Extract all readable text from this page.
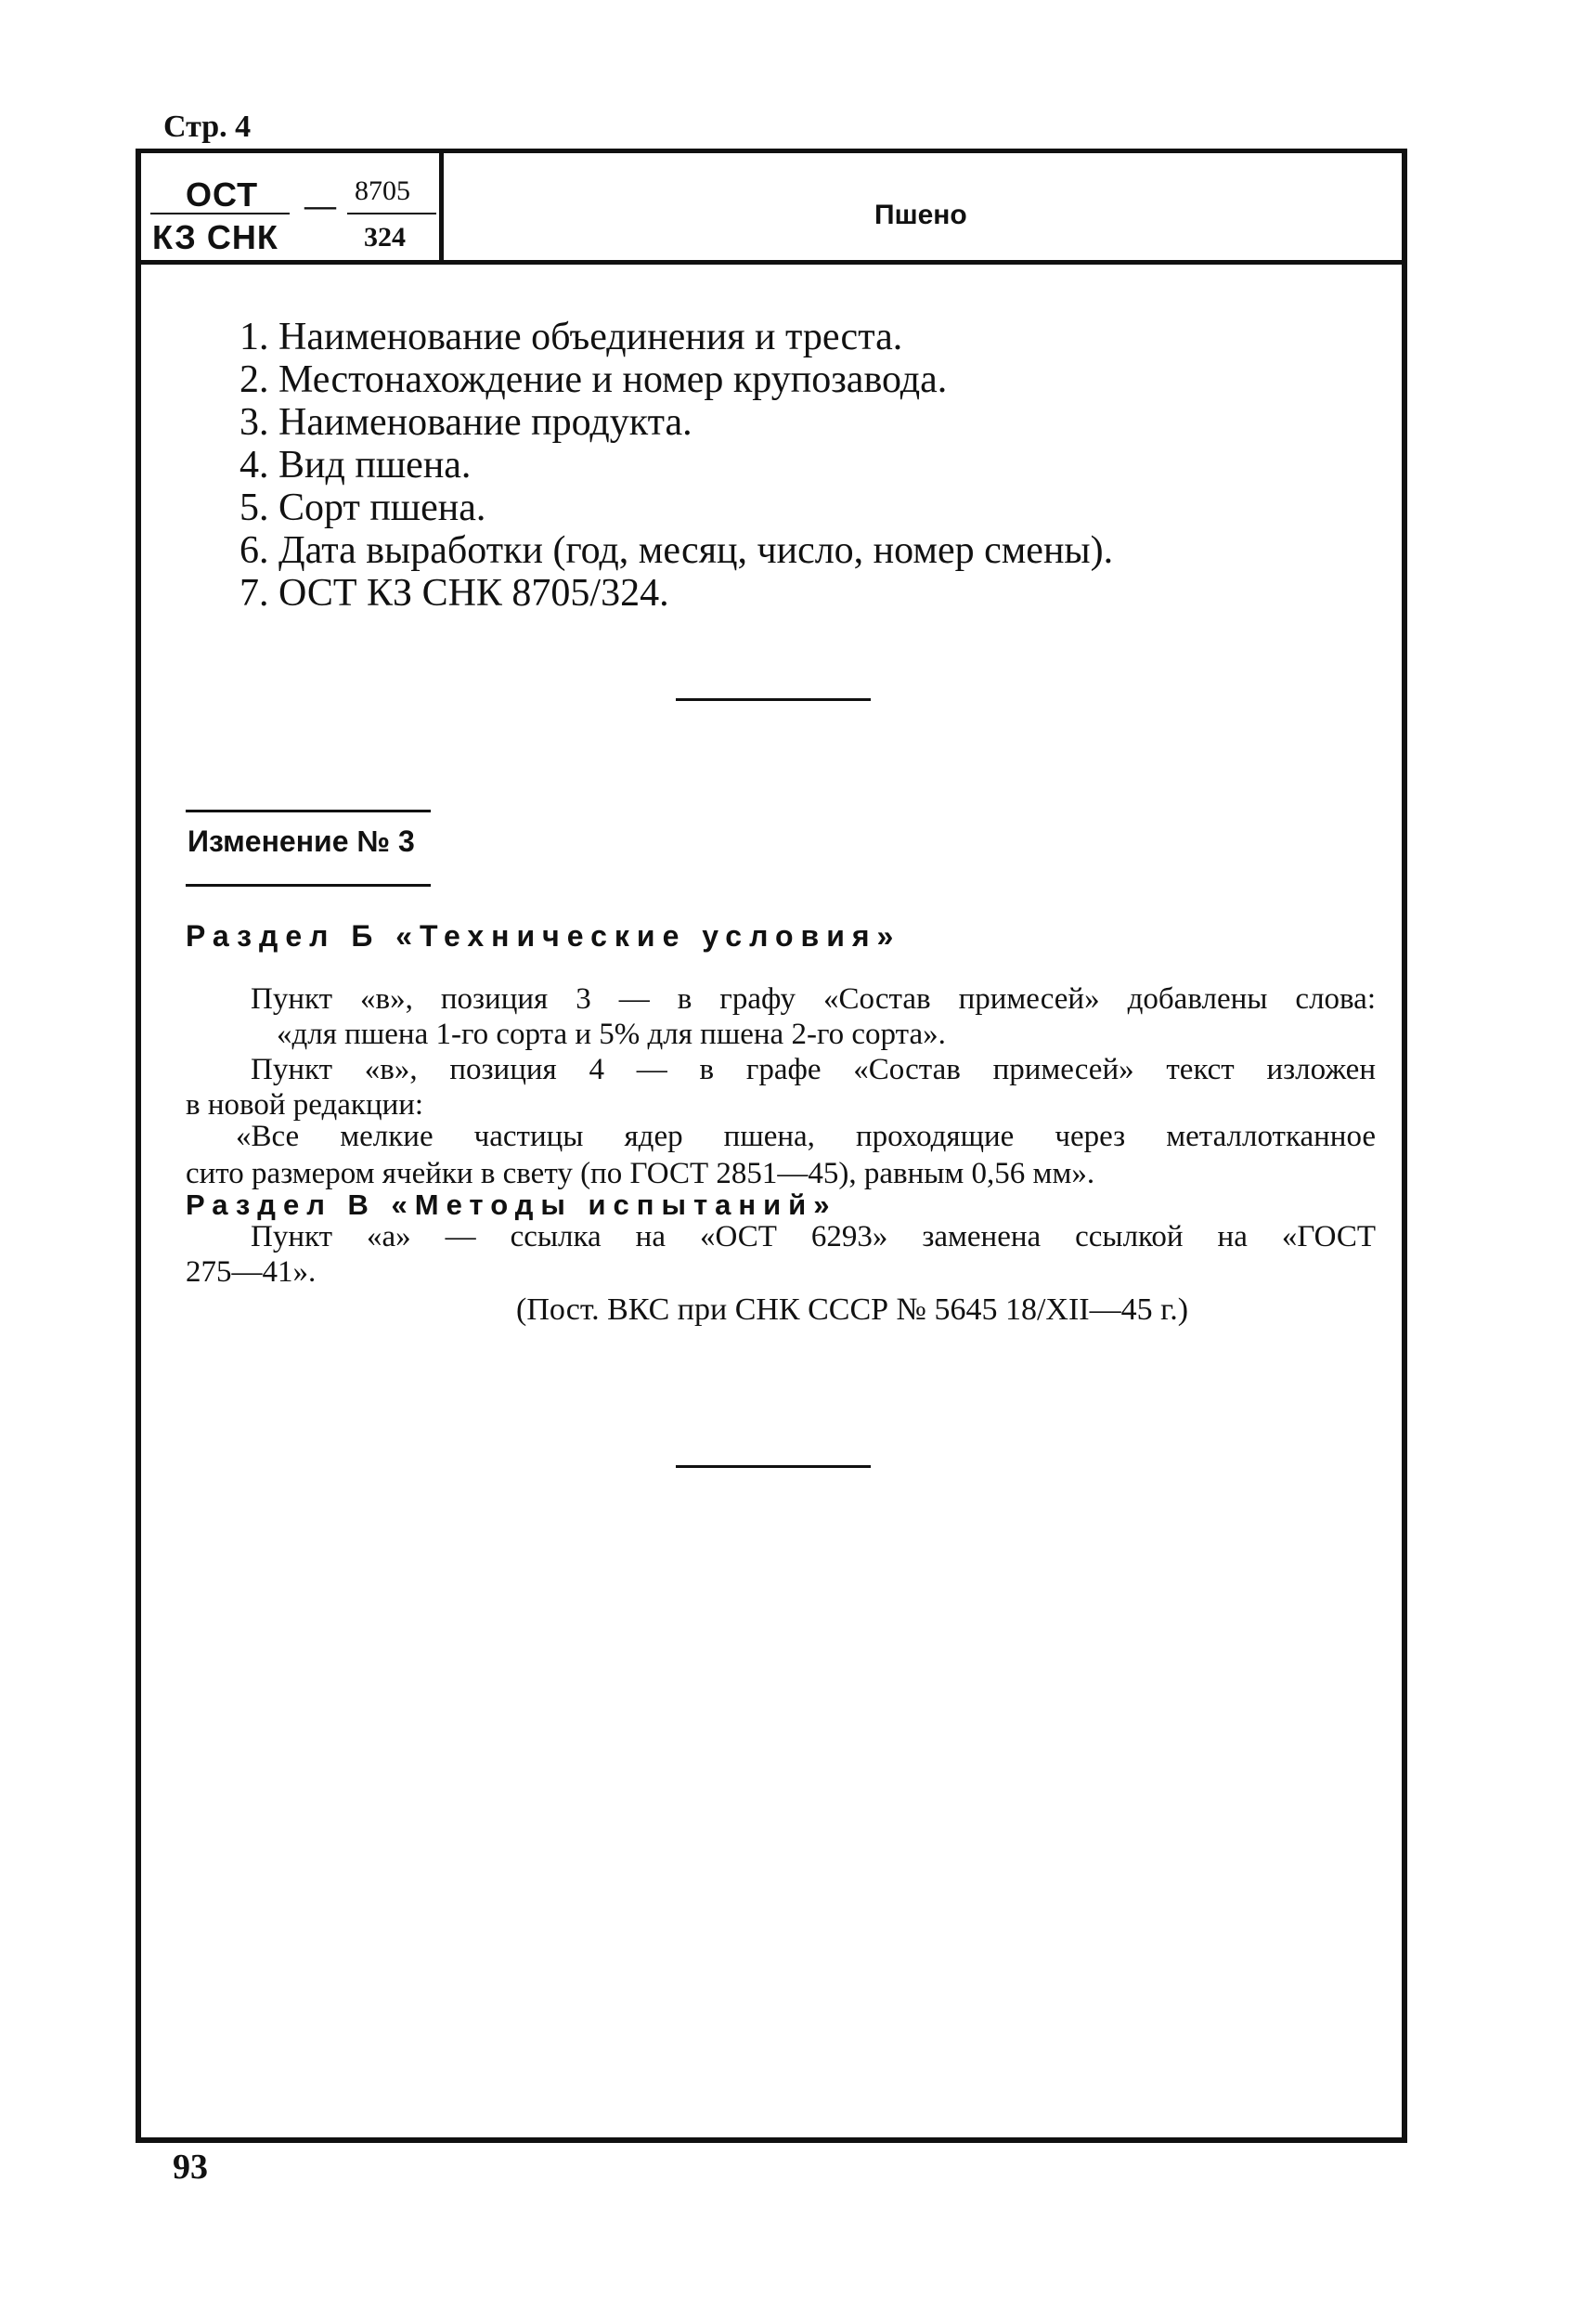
Стр. 4
ОСТ
КЗ СНК
— 8705
324
Пшено
1. Наименование объединения и треста.
2. Местонахождение и номер крупозавода.
3. Наименование продукта.
4. Вид пшена.
5. Сорт пшена.
6. Дата выработки (год, месяц, число, номер смены).
7. ОСТ КЗ СНК 8705/324.
Изменение № 3
Раздел Б «Технические условия»
Пункт «в», позиция 3 — в графу «Состав примесей» добавлены слова:
«для пшена 1-го сорта и 5% для пшена 2-го сорта».
Пункт «в», позиция 4 — в графе «Состав примесей» текст изложен
в новой редакции:
«Все мелкие частицы ядер пшена, проходящие через металлотканное
сито размером ячейки в свету (по ГОСТ 2851—45), равным 0,56 мм».
Раздел В «Методы испытаний»
Пункт «а» — ссылка на «ОСТ 6293» заменена ссылкой на «ГОСТ
275—41».
(Пост. ВКС при СНК СССР № 5645 18/XII—45 г.)
93
